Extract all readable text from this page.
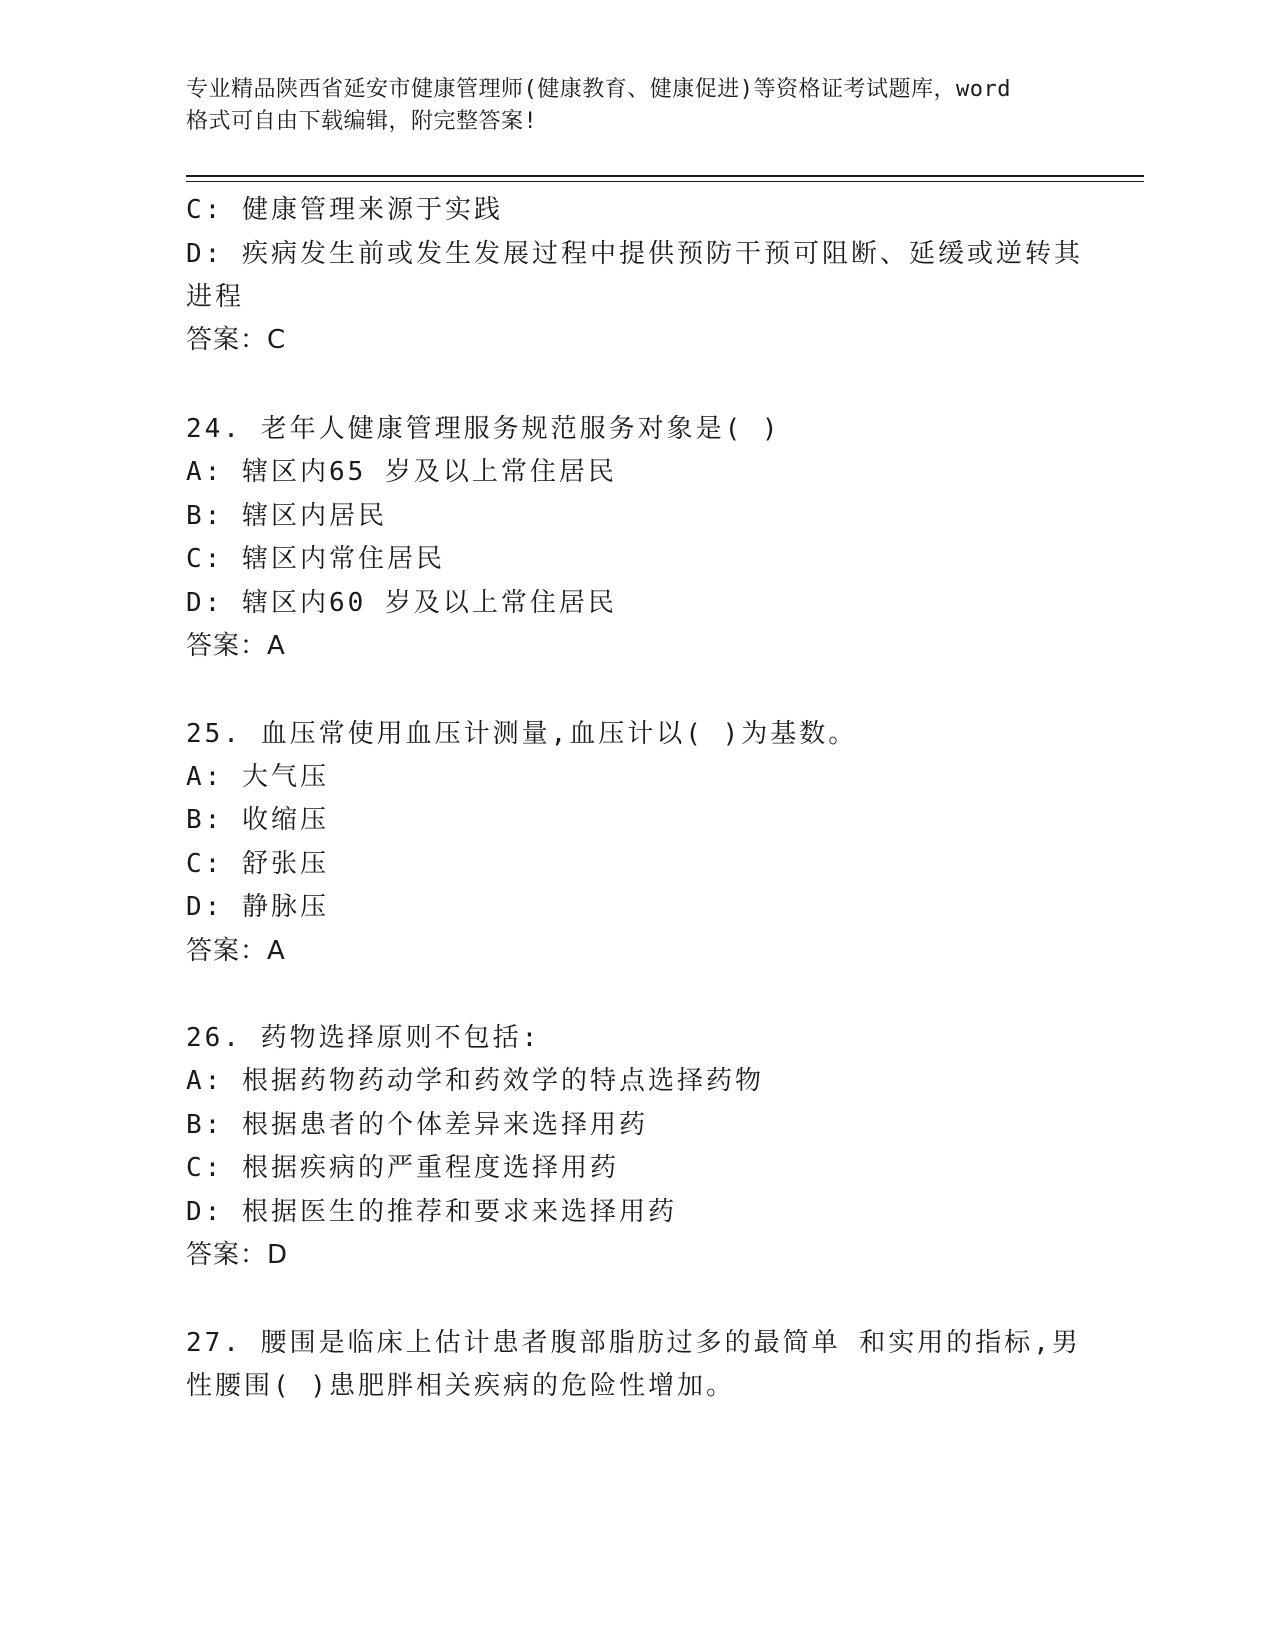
专业精品陕西省延安市健康管理师(健康教育、健康促进)等资格证考试题库，word
格式可自由下载编辑，附完整答案!
C: 健康管理来源于实践
D: 疾病发生前或发生发展过程中提供预防干预可阻断、延缓或逆转其
进程
答案：C
24. 老年人健康管理服务规范服务对象是( )
A: 辖区内65 岁及以上常住居民
B: 辖区内居民
C: 辖区内常住居民
D: 辖区内60 岁及以上常住居民
答案：A
25. 血压常使用血压计测量,血压计以( )为基数。
A: 大气压
B: 收缩压
C: 舒张压
D: 静脉压
答案：A
26. 药物选择原则不包括:
A: 根据药物药动学和药效学的特点选择药物
B: 根据患者的个体差异来选择用药
C: 根据疾病的严重程度选择用药
D: 根据医生的推荐和要求来选择用药
答案：D
27. 腰围是临床上估计患者腹部脂肪过多的最简单 和实用的指标,男
性腰围( )患肥胖相关疾病的危险性增加。
